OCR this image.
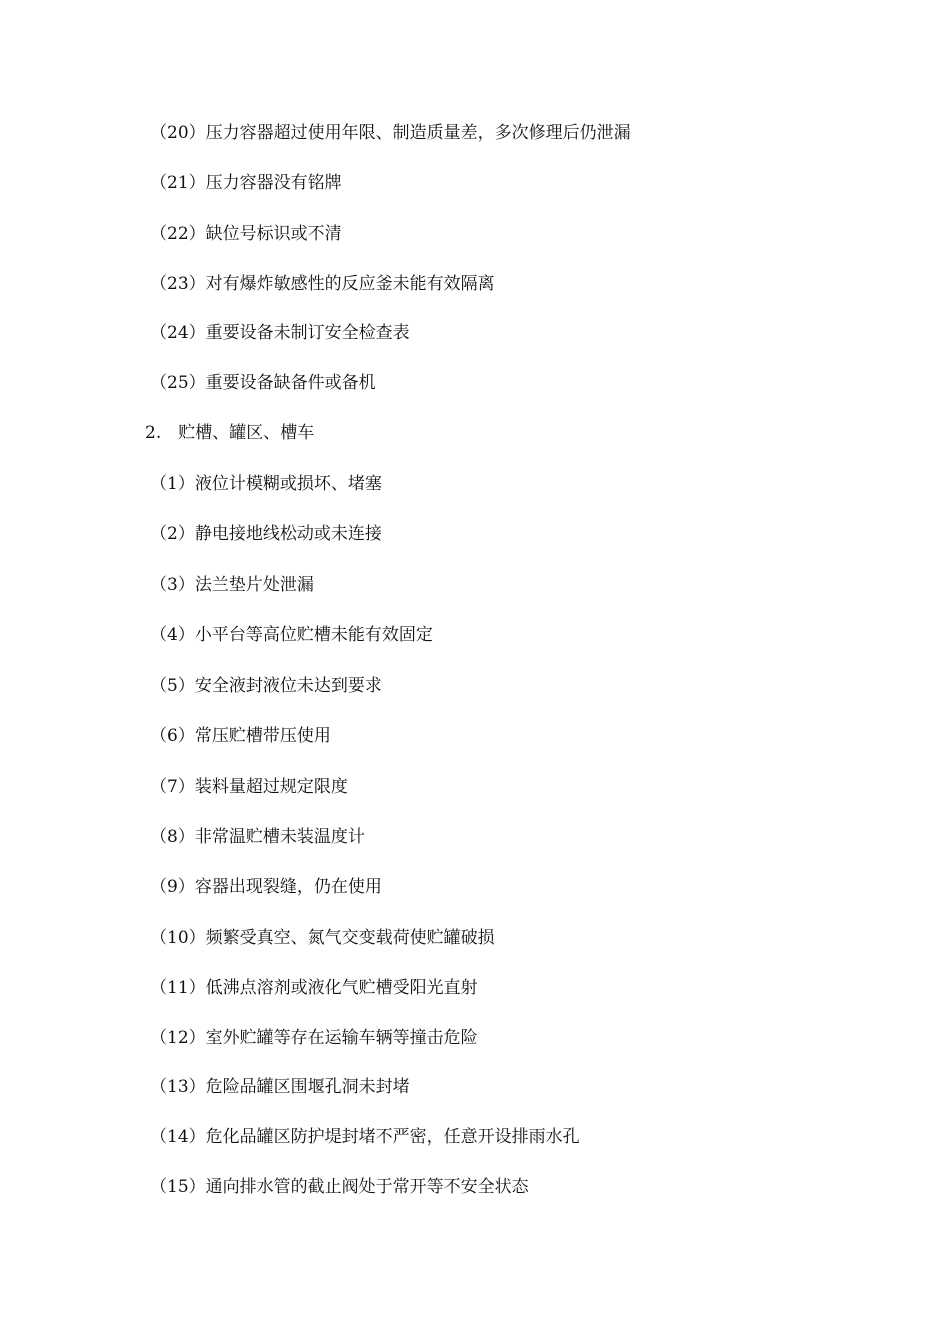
（20）压力容器超过使用年限、制造质量差，多次修理后仍泄漏
（21）压力容器没有铭牌
（22）缺位号标识或不清
（23）对有爆炸敏感性的反应釜未能有效隔离
（24）重要设备未制订安全检查表
（25）重要设备缺备件或备机
2.　贮槽、罐区、槽车
（1）液位计模糊或损坏、堵塞
（2）静电接地线松动或未连接
（3）法兰垫片处泄漏
（4）小平台等高位贮槽未能有效固定
（5）安全液封液位未达到要求
（6）常压贮槽带压使用
（7）装料量超过规定限度
（8）非常温贮槽未装温度计
（9）容器出现裂缝，仍在使用
（10）频繁受真空、氮气交变载荷使贮罐破损
（11）低沸点溶剂或液化气贮槽受阳光直射
（12）室外贮罐等存在运输车辆等撞击危险
（13）危险品罐区围堰孔洞未封堵
（14）危化品罐区防护堤封堵不严密，任意开设排雨水孔
（15）通向排水管的截止阀处于常开等不安全状态
